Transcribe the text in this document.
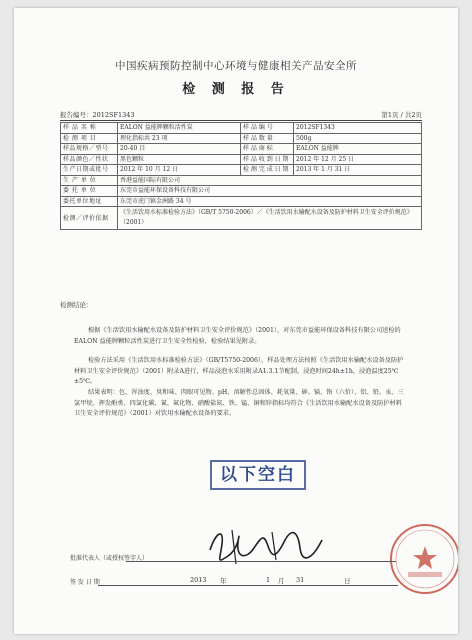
中国疾病预防控制中心环境与健康相关产品安全所
检 测 报 告
报告编号：2012SF1343	第1页 / 共2页
样 品 名 称	EALON 益能牌颗粒活性炭	样 品 编 号	2012SF1343
检 测 项 目	理化指标共 23 项	样 品 数 量	500g
样品规格／型号	20-40 目	样 品 商 标	EALON 益能牌
样品颜色／性状	黑色颗粒	样 品 收 到 日 期	2012 年 12 月 25 日
生产日期或批号	2012 年 10 月 12 日	检 测 完 成 日 期	2013 年 1 月 31 日
生 产 单 位	香港益能国际有限公司		
委 托 单 位	东莞市益能环保设备科技有限公司		
委托单位地址	东莞市虎门镇金洲路 34 号		
检测／评价依据	《生活饮用水标准检验方法》（GB/T 5750-2006）／《生活饮用水输配水设备及防护材料卫生安全评价规范》（2001）		
检测结论：
根据《生活饮用水输配水设备及防护材料卫生安全评价规范》（2001），对东莞市益能环保设备科技有限公司送检的 EALON 益能牌颗粒活性炭进行卫生安全性检验，检验结果见附录。
检验方法采用《生活饮用水标准检验方法》（GB/T5750-2006），样品处理方法按照《生活饮用水输配水设备及防护材料卫生安全评价规范》（2001）附录A进行，样品浸泡水采用附录A1.3.1节配制，浸泡时间24h±1h，浸泡温度25℃±5℃。
结果表明：色、浑浊度、臭和味、肉眼可见物、pH、溶解性总固体、耗氧量、砷、镉、铬（六价）、铝、铅、汞、三氯甲烷、挥发酚类、四氯化碳、氰、氟化物、硝酸盐氮、铁、锰、铜和锌指标均符合《生活饮用水输配水设备及防护材料卫生安全评价规范》（2001）对饮用水输配水设备的要求。
以下空白
批准代表人（或授权签字人）
签 发 日 期	2013 年	1 月 31	日
